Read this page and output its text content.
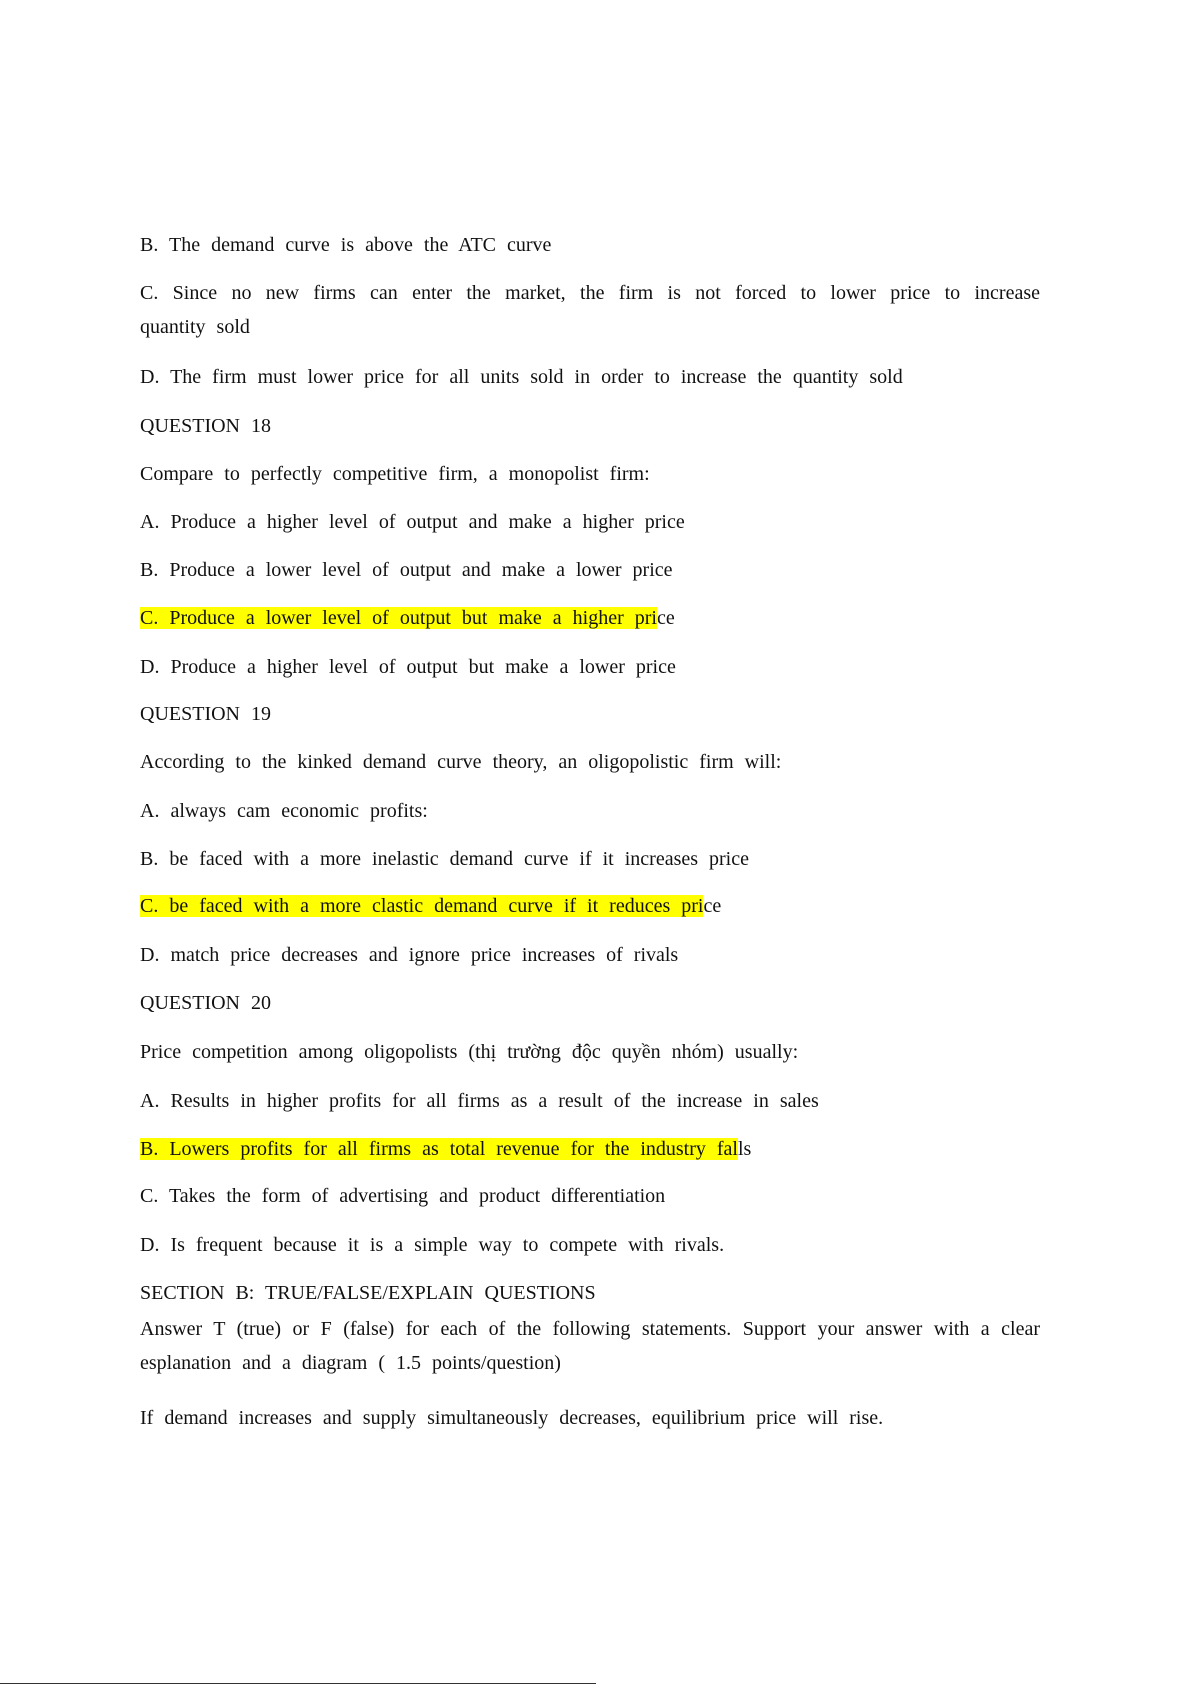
B. The demand curve is above the ATC curve
C. Since no new firms can enter the market, the firm is not forced to lower price to increase quantity sold
D. The firm must lower price for all units sold in order to increase the quantity sold
QUESTION 18
Compare to perfectly competitive firm, a monopolist firm:
A. Produce a higher level of output and make a higher price
B. Produce a lower level of output and make a lower price
C. Produce a lower level of output but make a higher price
D. Produce a higher level of output but make a lower price
QUESTION 19
According to the kinked demand curve theory, an oligopolistic firm will:
A. always cam economic profits:
B. be faced with a more inelastic demand curve if it increases price
C. be faced with a more clastic demand curve if it reduces price
D. match price decreases and ignore price increases of rivals
QUESTION 20
Price competition among oligopolists (thị trường độc quyền nhóm) usually:
A. Results in higher profits for all firms as a result of the increase in sales
B. Lowers profits for all firms as total revenue for the industry falls
C. Takes the form of advertising and product differentiation
D. Is frequent because it is a simple way to compete with rivals.
SECTION B: TRUE/FALSE/EXPLAIN QUESTIONS
Answer T (true) or F (false) for each of the following statements. Support your answer with a clear esplanation and a diagram ( 1.5 points/question)
If demand increases and supply simultaneously decreases, equilibrium price will rise.
